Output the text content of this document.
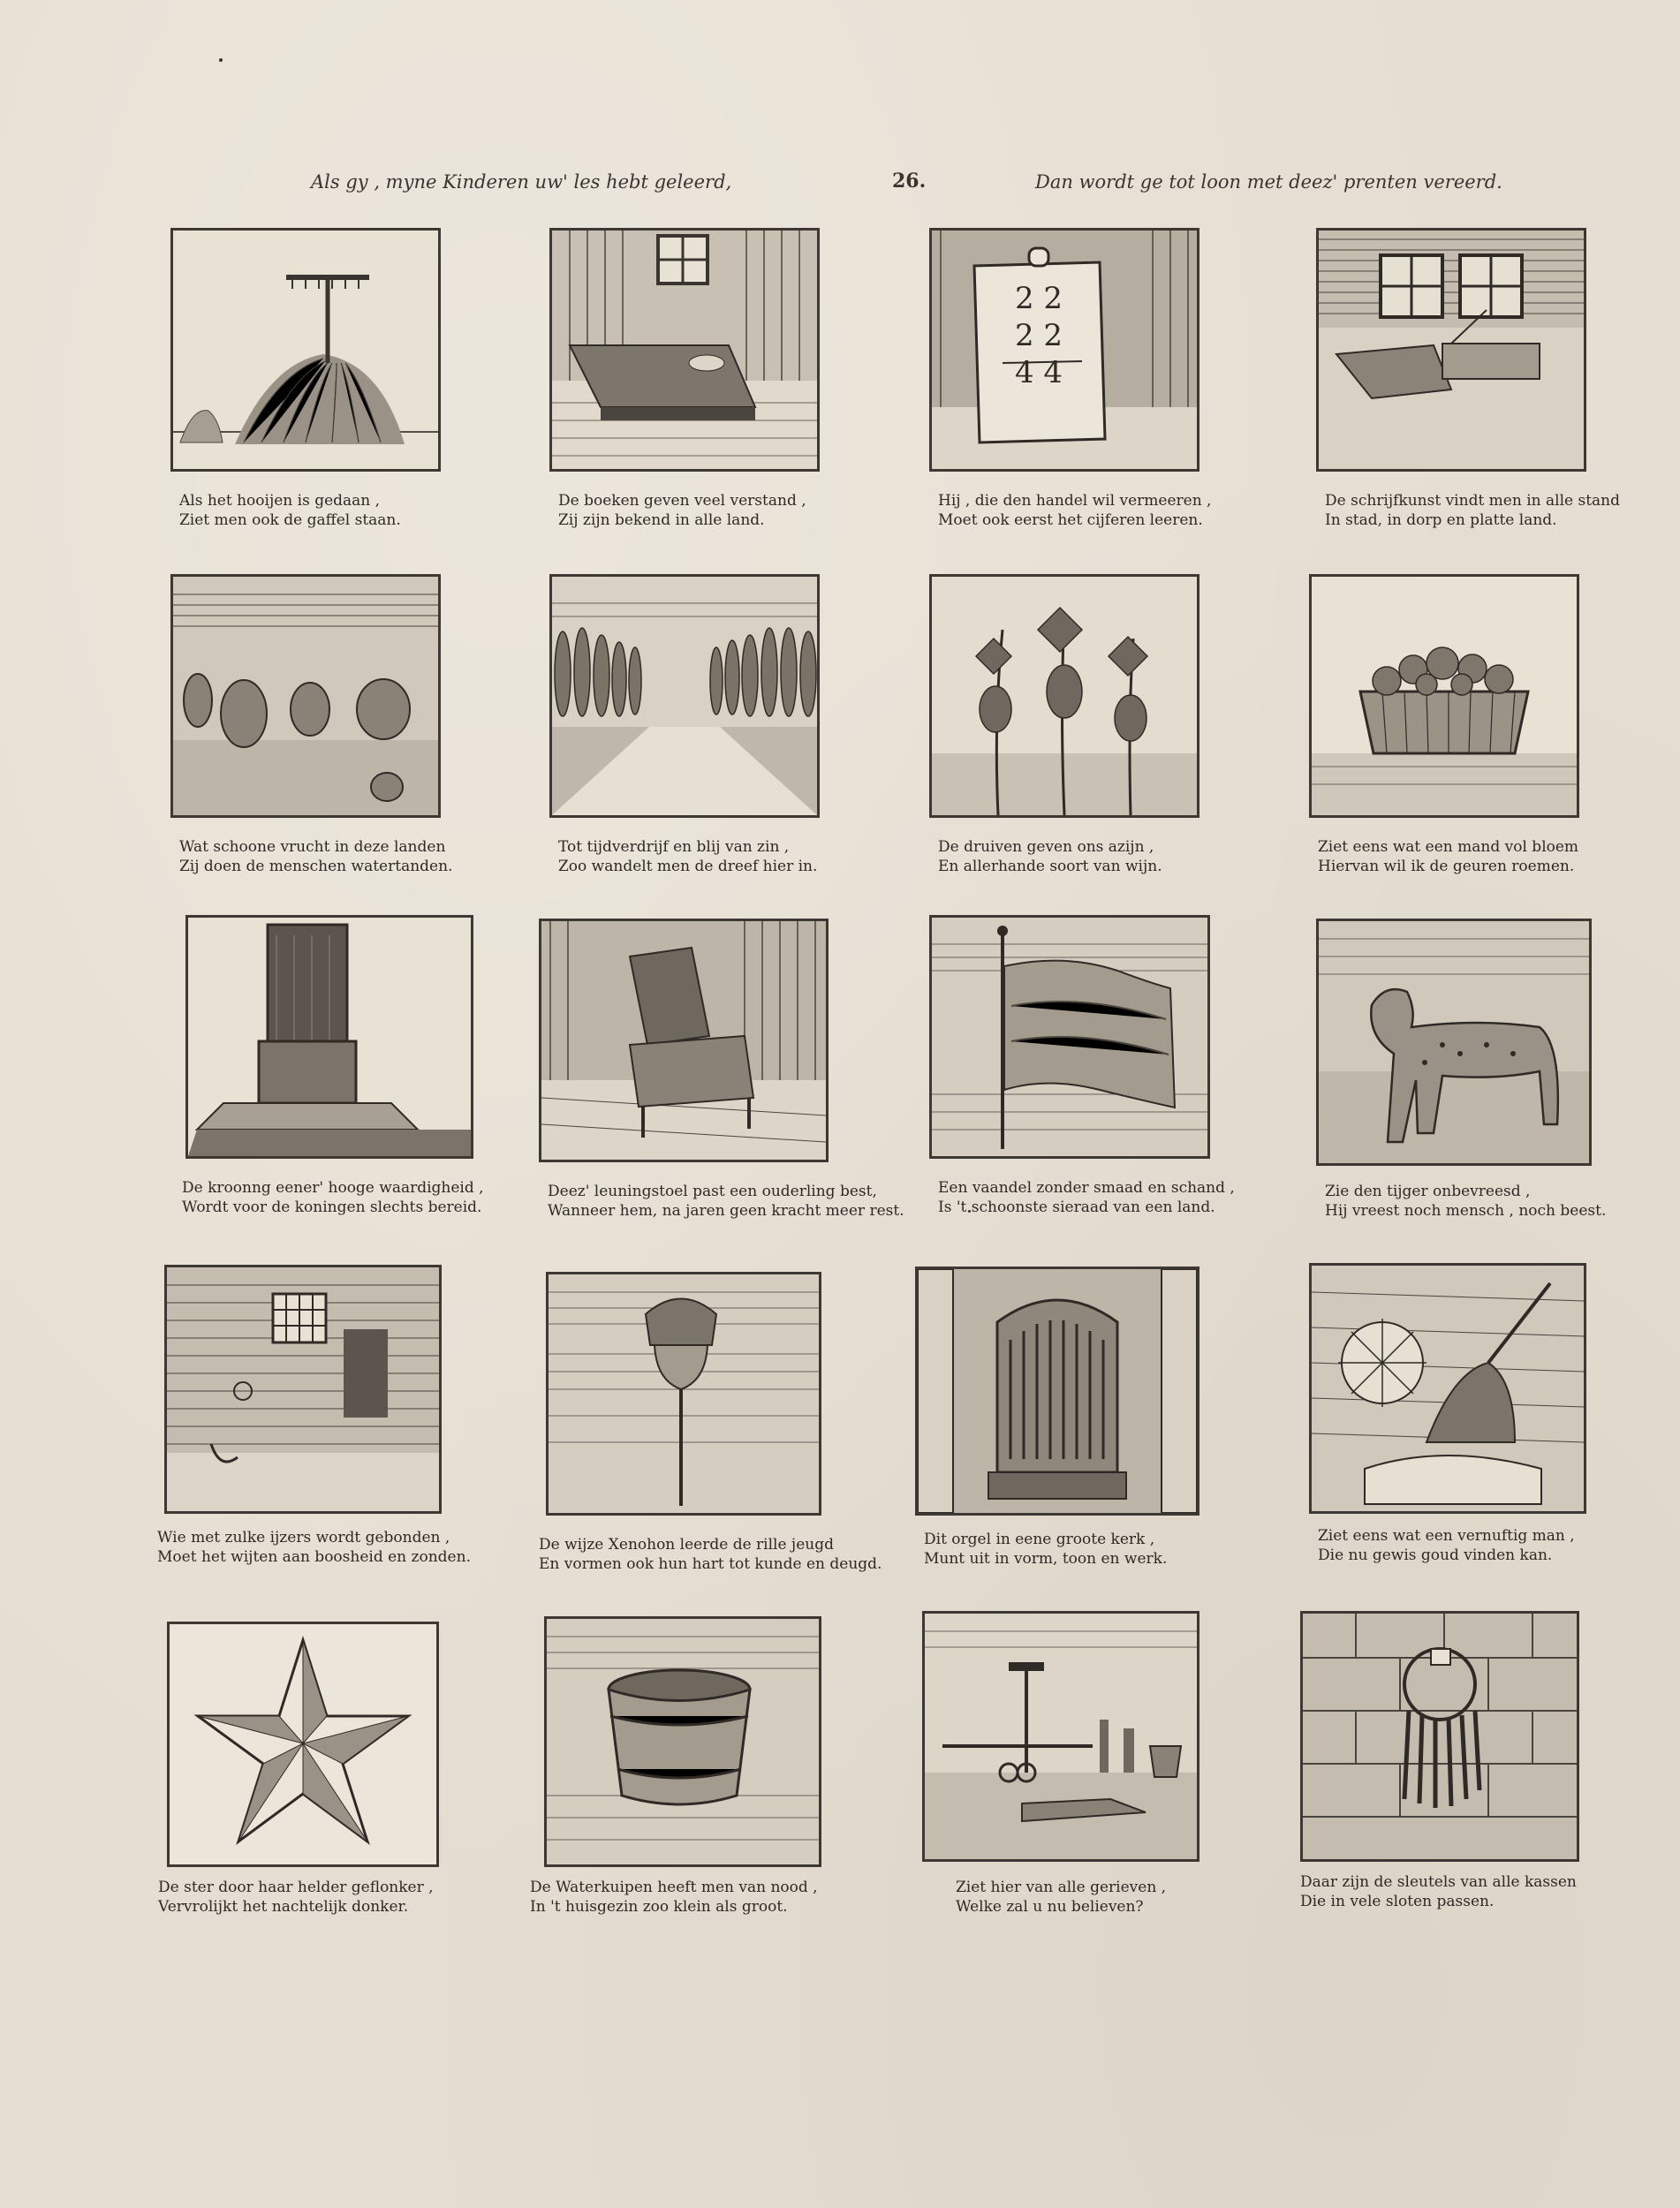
Als gy , myne Kinderen uw' les hebt geleerd,	26.	Dan wordt ge tot loon met deez' prenten vereerd.
Als het hooijen is gedaan ,
Ziet men ook de gaffel staan.
De boeken geven veel verstand ,
Zij zijn bekend in alle land.
2 2
2 2
4 4
Hij , die den handel wil vermeeren ,
Moet ook eerst het cijferen leeren.
De schrijfkunst vindt men in alle stand
In stad, in dorp en platte land.
Wat schoone vrucht in deze landen
Zij doen de menschen watertanden.
Tot tijdverdrijf en blij van zin ,
Zoo wandelt men de dreef hier in.
De druiven geven ons azijn ,
En allerhande soort van wijn.
Ziet eens wat een mand vol bloem
Hiervan wil ik de geuren roemen.
De kroonng eener' hooge waardigheid ,
Wordt voor de koningen slechts bereid.
Deez' leuningstoel past een ouderling best,
Wanneer hem, na jaren geen kracht meer rest.
Een vaandel zonder smaad en schand ,
Is 't schoonste sieraad van een land.
Zie den tijger onbevreesd ,
Hij vreest noch mensch , noch beest.
Wie met zulke ijzers wordt gebonden ,
Moet het wijten aan boosheid en zonden.
De wijze Xenohon leerde de rille jeugd
En vormen ook hun hart tot kunde en deugd.
Dit orgel in eene groote kerk ,
Munt uit in vorm, toon en werk.
Ziet eens wat een vernuftig man ,
Die nu gewis goud vinden kan.
De ster door haar helder geflonker ,
Vervrolijkt het nachtelijk donker.
De Waterkuipen heeft men van nood ,
In 't huisgezin zoo klein als groot.
Ziet hier van alle gerieven ,
Welke zal u nu believen?
Daar zijn de sleutels van alle kassen
Die in vele sloten passen.
